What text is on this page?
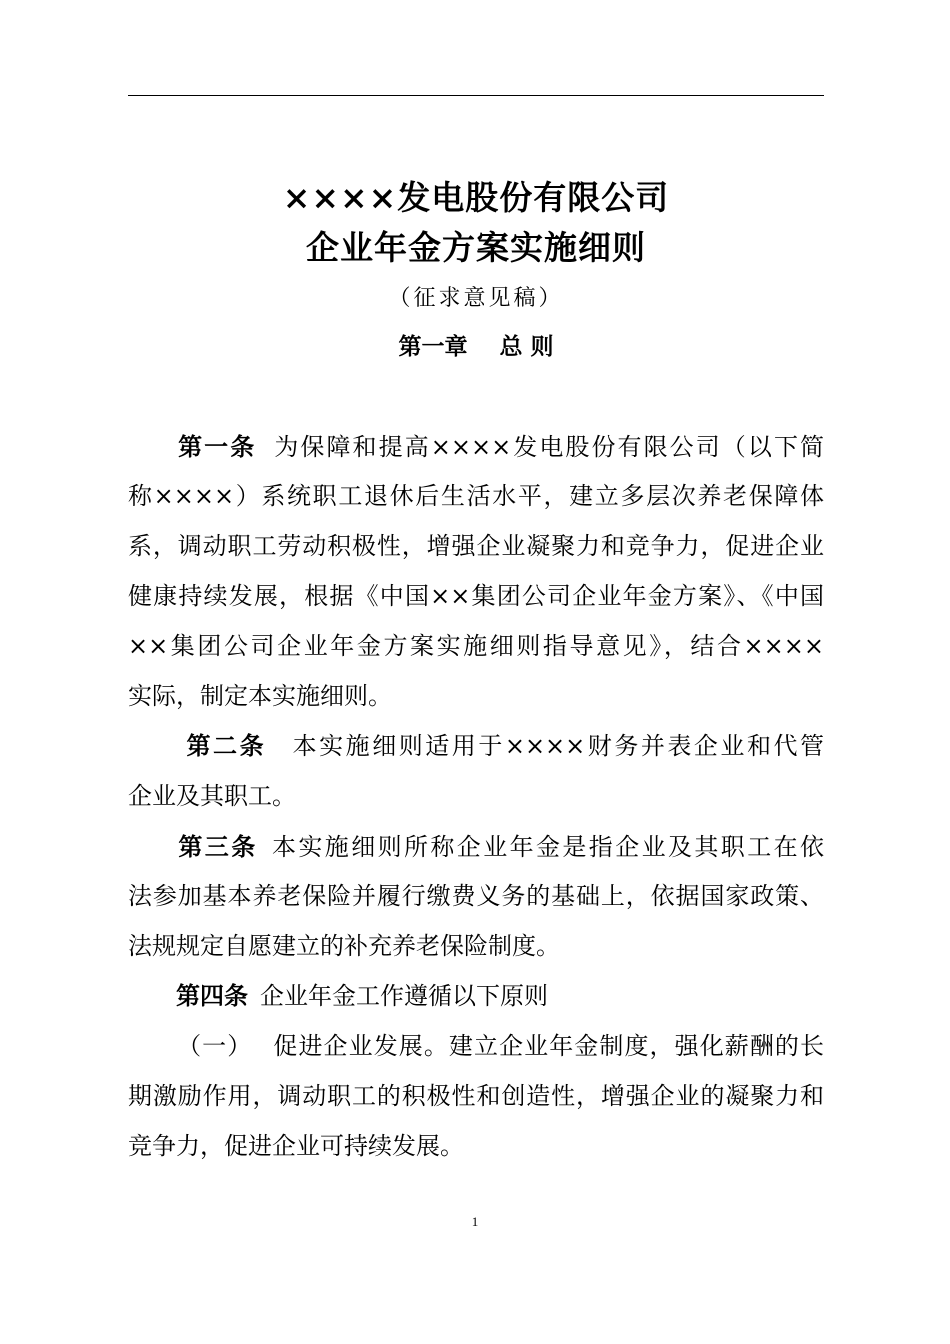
××××发电股份有限公司
企业年金方案实施细则
（征求意见稿）
第一章    总 则
第一条 为保障和提高××××发电股份有限公司（以下简
称××××）系统职工退休后生活水平，建立多层次养老保障体
系，调动职工劳动积极性，增强企业凝聚力和竞争力，促进企业
健康持续发展，根据《中国××集团公司企业年金方案》、《中国
××集团公司企业年金方案实施细则指导意见》，结合××××
实际，制定本实施细则。
第二条 本实施细则适用于××××财务并表企业和代管
企业及其职工。
第三条 本实施细则所称企业年金是指企业及其职工在依
法参加基本养老保险并履行缴费义务的基础上，依据国家政策、
法规规定自愿建立的补充养老保险制度。
第四条 企业年金工作遵循以下原则
（一） 促进企业发展。建立企业年金制度，强化薪酬的长
期激励作用，调动职工的积极性和创造性，增强企业的凝聚力和
竞争力，促进企业可持续发展。
1
